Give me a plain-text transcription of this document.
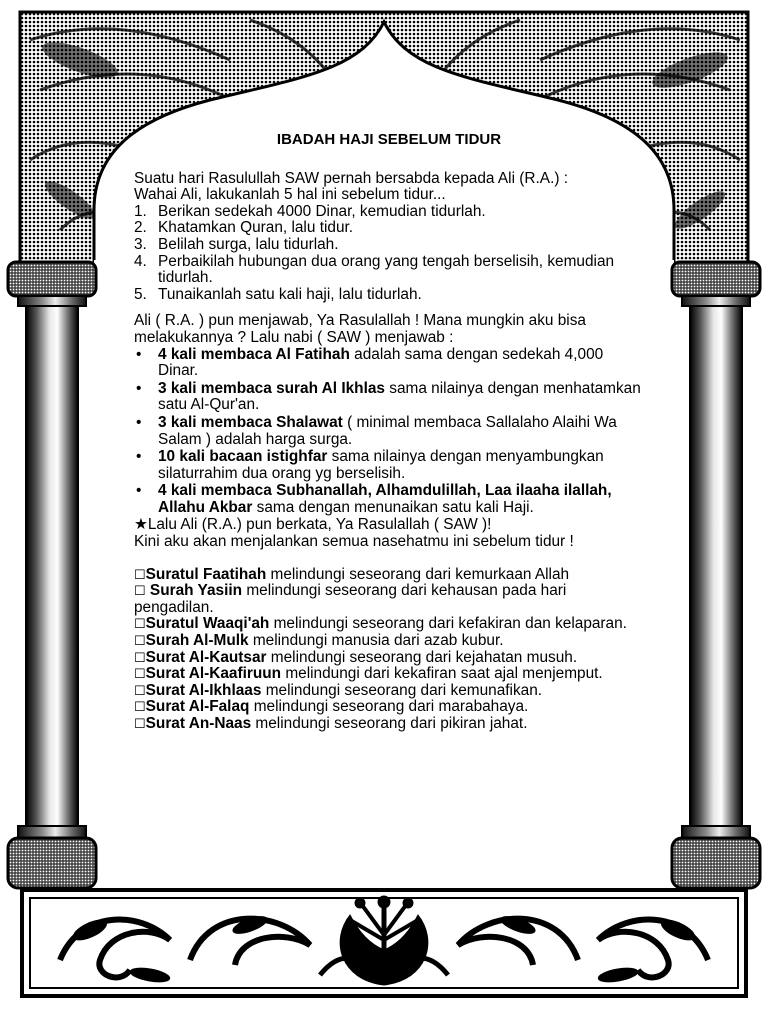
IBADAH HAJI SEBELUM TIDUR

Suatu hari Rasulullah SAW pernah bersabda kepada Ali (R.A.) :

Wahai Ali, lakukanlah 5 hal ini sebelum tidur...

1. Berikan sedekah 4000 Dinar, kemudian tidurlah.
2. Khatamkan Quran, lalu tidur.
3. Belilah surga, lalu tidurlah.
4. Perbaikilah hubungan dua orang yang tengah berselisih, kemudian tidurlah.
5. Tunaikanlah satu kali haji, lalu tidurlah.

Ali ( R.A. ) pun menjawab, Ya Rasulallah ! Mana mungkin aku bisa melakukannya ? Lalu nabi ( SAW ) menjawab :

•	4 kali membaca Al Fatihah adalah sama dengan sedekah 4,000 Dinar.
•	3 kali membaca surah Al Ikhlas sama nilainya dengan menhatamkan satu Al-Qur'an.
•	3 kali membaca Shalawat ( minimal membaca Sallalaho Alaihi Wa Salam ) adalah harga surga.
•	10 kali bacaan istighfar sama nilainya dengan menyambungkan silaturrahim dua orang yg berselisih.
•	4 kali membaca Subhanallah, Alhamdulillah, Laa ilaaha ilallah, Allahu Akbar sama dengan menunaikan satu kali Haji.

★Lalu Ali (R.A.) pun berkata, Ya Rasulallah ( SAW )!

Kini aku akan menjalankan semua nasehatmu ini sebelum tidur !

☐Suratul Faatihah melindungi seseorang dari kemurkaan Allah

☐ Surah Yasiin melindungi seseorang dari kehausan pada hari pengadilan.

☐Suratul Waaqi'ah melindungi seseorang dari kefakiran dan kelaparan.

☐Surah Al-Mulk melindungi manusia dari azab kubur.

☐Surat Al-Kautsar melindungi seseorang dari kejahatan musuh.

☐Surat Al-Kaafiruun melindungi dari kekafiran saat ajal menjemput.

☐Surat Al-Ikhlaas melindungi seseorang dari kemunafikan.

☐Surat Al-Falaq melindungi seseorang dari marabahaya.

☐Surat An-Naas melindungi seseorang dari pikiran jahat.
